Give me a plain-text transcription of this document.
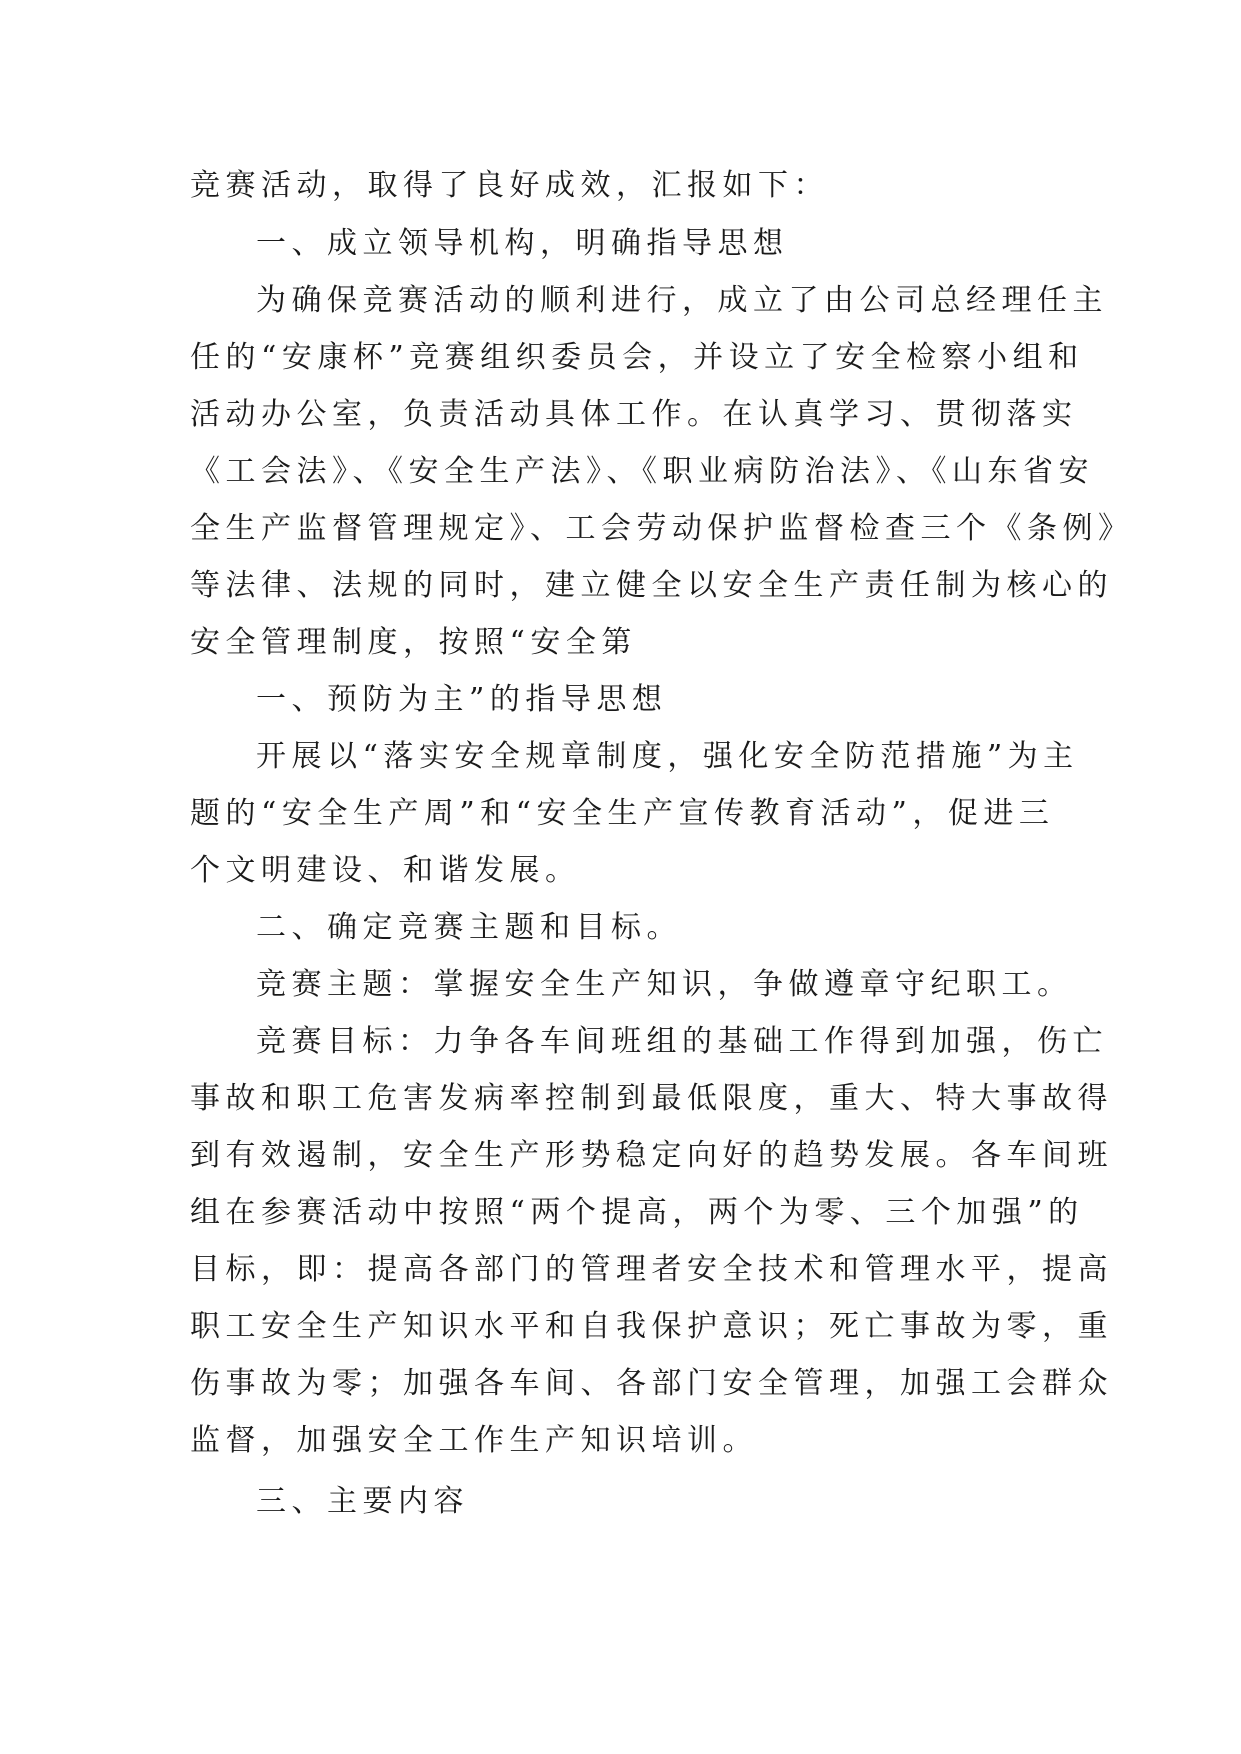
竞赛活动，取得了良好成效，汇报如下：
一、成立领导机构，明确指导思想
为确保竞赛活动的顺利进行，成立了由公司总经理任主
任的“安康杯”竞赛组织委员会，并设立了安全检察小组和
活动办公室，负责活动具体工作。在认真学习、贯彻落实
《工会法》、《安全生产法》、《职业病防治法》、《山东省安
全生产监督管理规定》、工会劳动保护监督检查三个《条例》
等法律、法规的同时，建立健全以安全生产责任制为核心的
安全管理制度，按照“安全第
一、预防为主”的指导思想
开展以“落实安全规章制度，强化安全防范措施”为主
题的“安全生产周”和“安全生产宣传教育活动”，促进三
个文明建设、和谐发展。
二、确定竞赛主题和目标。
竞赛主题：掌握安全生产知识，争做遵章守纪职工。
竞赛目标：力争各车间班组的基础工作得到加强，伤亡
事故和职工危害发病率控制到最低限度，重大、特大事故得
到有效遏制，安全生产形势稳定向好的趋势发展。各车间班
组在参赛活动中按照“两个提高，两个为零、三个加强”的
目标，即：提高各部门的管理者安全技术和管理水平，提高
职工安全生产知识水平和自我保护意识；死亡事故为零，重
伤事故为零；加强各车间、各部门安全管理，加强工会群众
监督，加强安全工作生产知识培训。
三、主要内容
